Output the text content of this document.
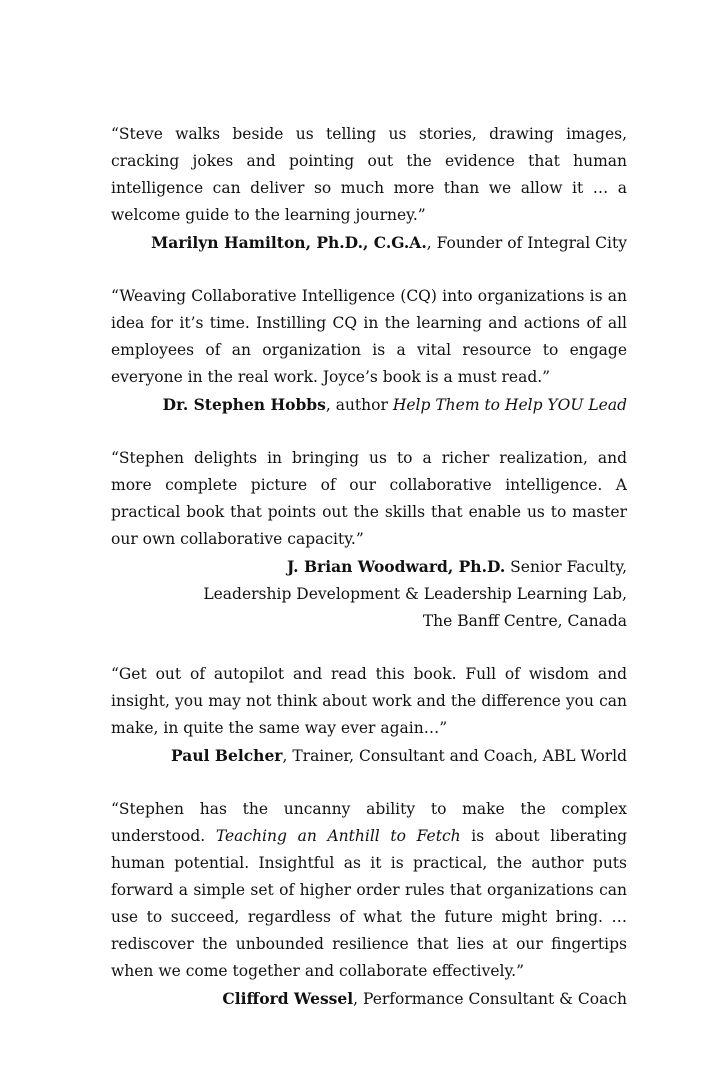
“Steve walks beside us telling us stories, drawing images, cracking jokes and pointing out the evidence that human intelligence can deliver so much more than we allow it … a welcome guide to the learning journey.”

Marilyn Hamilton, Ph.D., C.G.A., Founder of Integral City

“Weaving Collaborative Intelligence (CQ) into organizations is an idea for it’s time. Instilling CQ in the learning and actions of all employees of an organization is a vital resource to engage everyone in the real work. Joyce’s book is a must read.”

Dr. Stephen Hobbs, author Help Them to Help YOU Lead

“Stephen delights in bringing us to a richer realization, and more complete picture of our collaborative intelligence. A practical book that points out the skills that enable us to master our own collaborative capacity.”

J. Brian Woodward, Ph.D. Senior Faculty,
Leadership Development & Leadership Learning Lab,
The Banff Centre, Canada

“Get out of autopilot and read this book. Full of wisdom and insight, you may not think about work and the difference you can make, in quite the same way ever again…”

Paul Belcher, Trainer, Consultant and Coach, ABL World

“Stephen has the uncanny ability to make the complex understood. Teaching an Anthill to Fetch is about liberating human potential. Insightful as it is practical, the author puts forward a simple set of higher order rules that organizations can use to succeed, regardless of what the future might bring. …rediscover the unbounded resilience that lies at our fingertips when we come together and collaborate effectively.”

Clifford Wessel, Performance Consultant & Coach
